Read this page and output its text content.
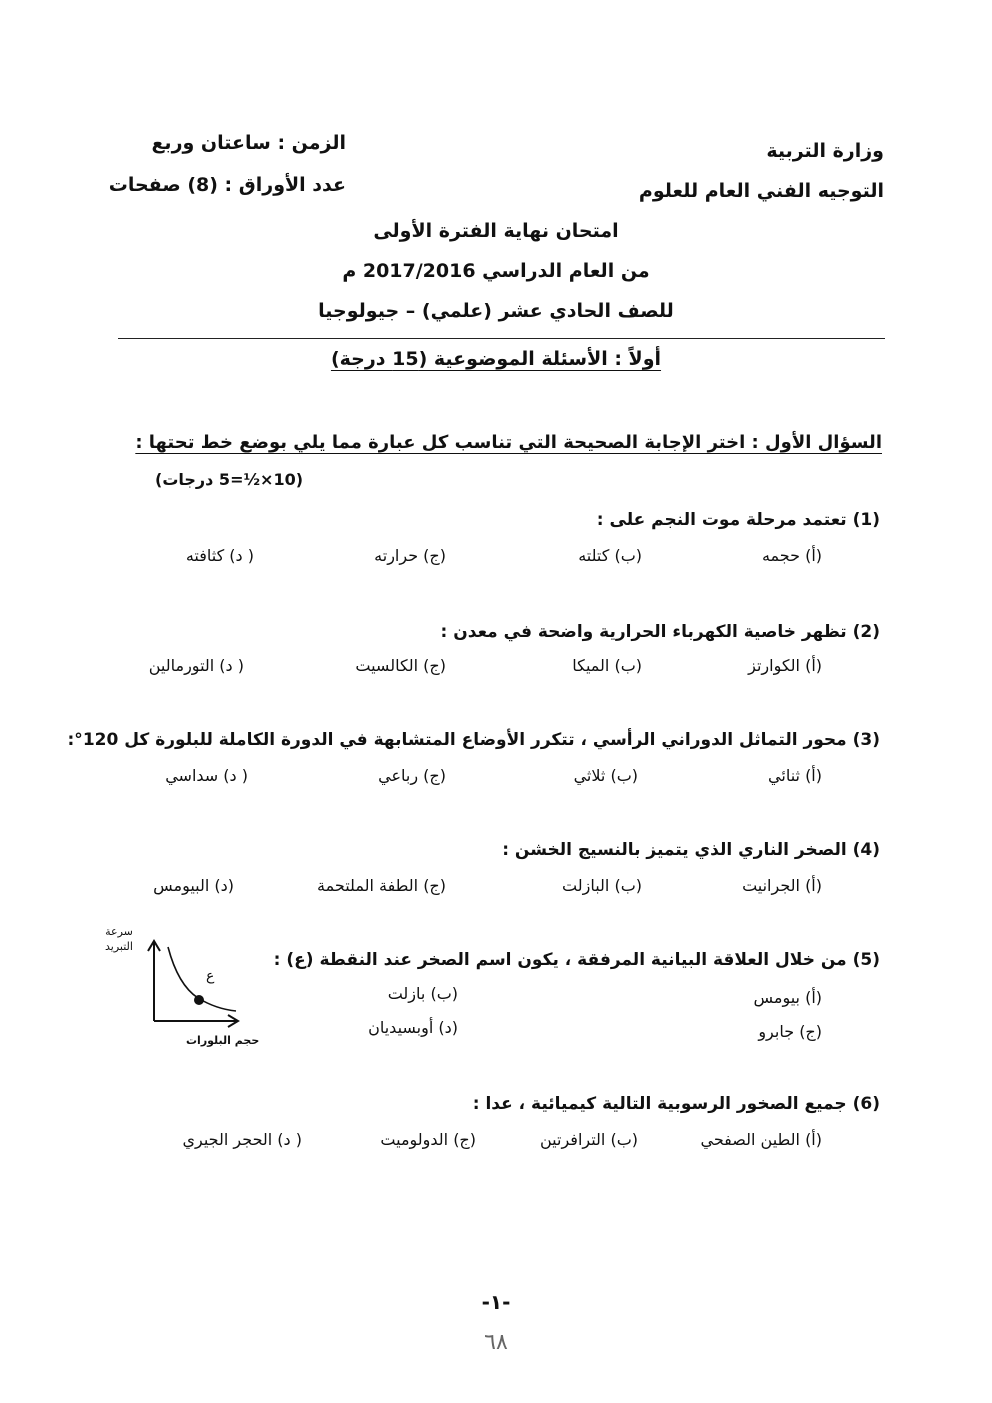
وزارة التربية
التوجيه الفني العام للعلوم
الزمن : ساعتان وربع
عدد الأوراق : (8) صفحات
امتحان نهاية الفترة الأولى
من العام الدراسي 2017/2016 م
للصف الحادي عشر (علمي) – جيولوجيا
أولاً : الأسئلة الموضوعية (15 درجة)
السؤال الأول : اختر الإجابة الصحيحة التي تناسب كل عبارة مما يلي بوضع خط تحتها :
(10×½=5 درجات)
(1) تعتمد مرحلة موت النجم على :
(أ) حجمه
(ب) كتلته
(ج) حرارته
( د) كثافته
(2) تظهر خاصية الكهرباء الحرارية واضحة في معدن :
(أ) الكوارتز
(ب) الميكا
(ج) الكالسيت
( د) التورمالين
(3) محور التماثل الدوراني الرأسي ، تتكرر الأوضاع المتشابهة في الدورة الكاملة للبلورة كل 120°:
(أ) ثنائي
(ب) ثلاثي
(ج) رباعي
( د) سداسي
(4) الصخر الناري الذي يتميز بالنسيج الخشن :
(أ) الجرانيت
(ب) البازلت
(ج) الطفة الملتحمة
(د) البيومس
(5) من خلال العلاقة البيانية المرفقة ، يكون اسم الصخر عند النقطة (ع) :
(أ) بيومس
(ب) بازلت
(ج) جابرو
(د) أوبسيديان
سرعة
التبريد
ع
حجم البلورات
(6) جميع الصخور الرسوبية التالية كيميائية ، عدا :
(أ) الطين الصفحي
(ب) الترافرتين
(ج) الدولوميت
( د) الحجر الجيري
-١-
٦٨
